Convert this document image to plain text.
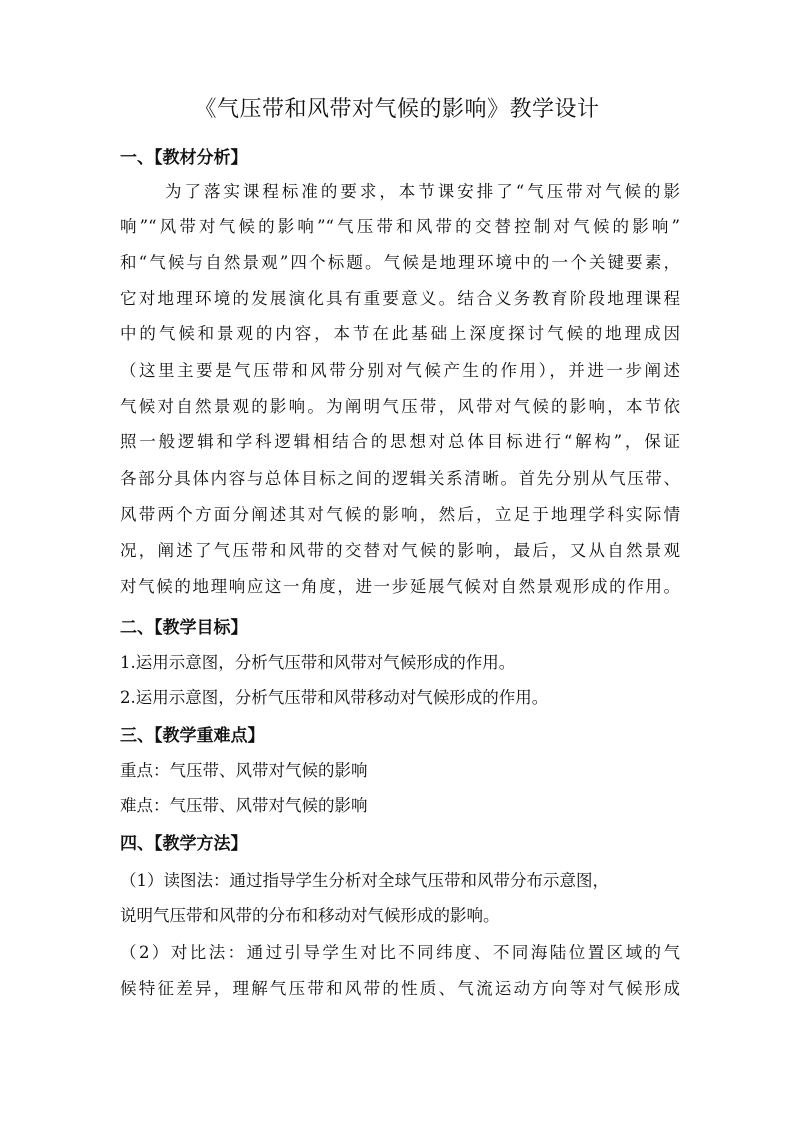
《气压带和风带对气候的影响》教学设计
一、【教材分析】
为了落实课程标准的要求，本节课安排了“气压带对气候的影
响”“风带对气候的影响”“气压带和风带的交替控制对气候的影响”
和“气候与自然景观”四个标题。气候是地理环境中的一个关键要素，
它对地理环境的发展演化具有重要意义。结合义务教育阶段地理课程
中的气候和景观的内容，本节在此基础上深度探讨气候的地理成因
（这里主要是气压带和风带分别对气候产生的作用），并进一步阐述
气候对自然景观的影响。为阐明气压带，风带对气候的影响，本节依
照一般逻辑和学科逻辑相结合的思想对总体目标进行“解构”，保证
各部分具体内容与总体目标之间的逻辑关系清晰。首先分别从气压带、
风带两个方面分阐述其对气候的影响，然后，立足于地理学科实际情
况，阐述了气压带和风带的交替对气候的影响，最后，又从自然景观
对气候的地理响应这一角度，进一步延展气候对自然景观形成的作用。
二、【教学目标】
1.运用示意图，分析气压带和风带对气候形成的作用。
2.运用示意图，分析气压带和风带移动对气候形成的作用。
三、【教学重难点】
重点：气压带、风带对气候的影响
难点：气压带、风带对气候的影响
四、【教学方法】
（1）读图法：通过指导学生分析对全球气压带和风带分布示意图，
说明气压带和风带的分布和移动对气候形成的影响。
（2）对比法：通过引导学生对比不同纬度、不同海陆位置区域的气
候特征差异，理解气压带和风带的性质、气流运动方向等对气候形成
